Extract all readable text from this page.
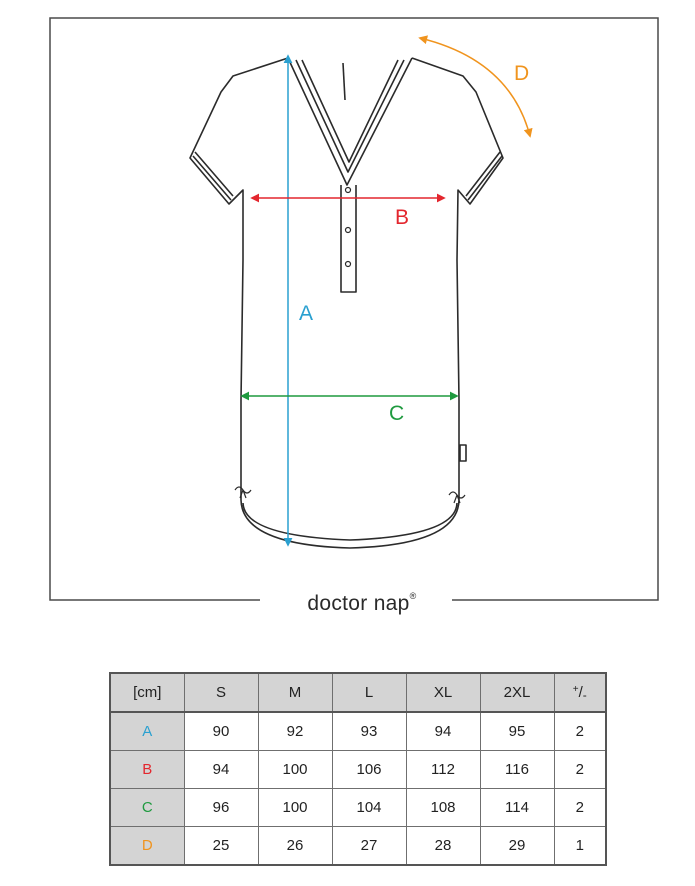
A
B
C
D
doctor nap®
[cm]	S	M	L	XL	2XL	+/-
A	90	92	93	94	95	2
B	94	100	106	112	116	2
C	96	100	104	108	114	2
D	25	26	27	28	29	1
